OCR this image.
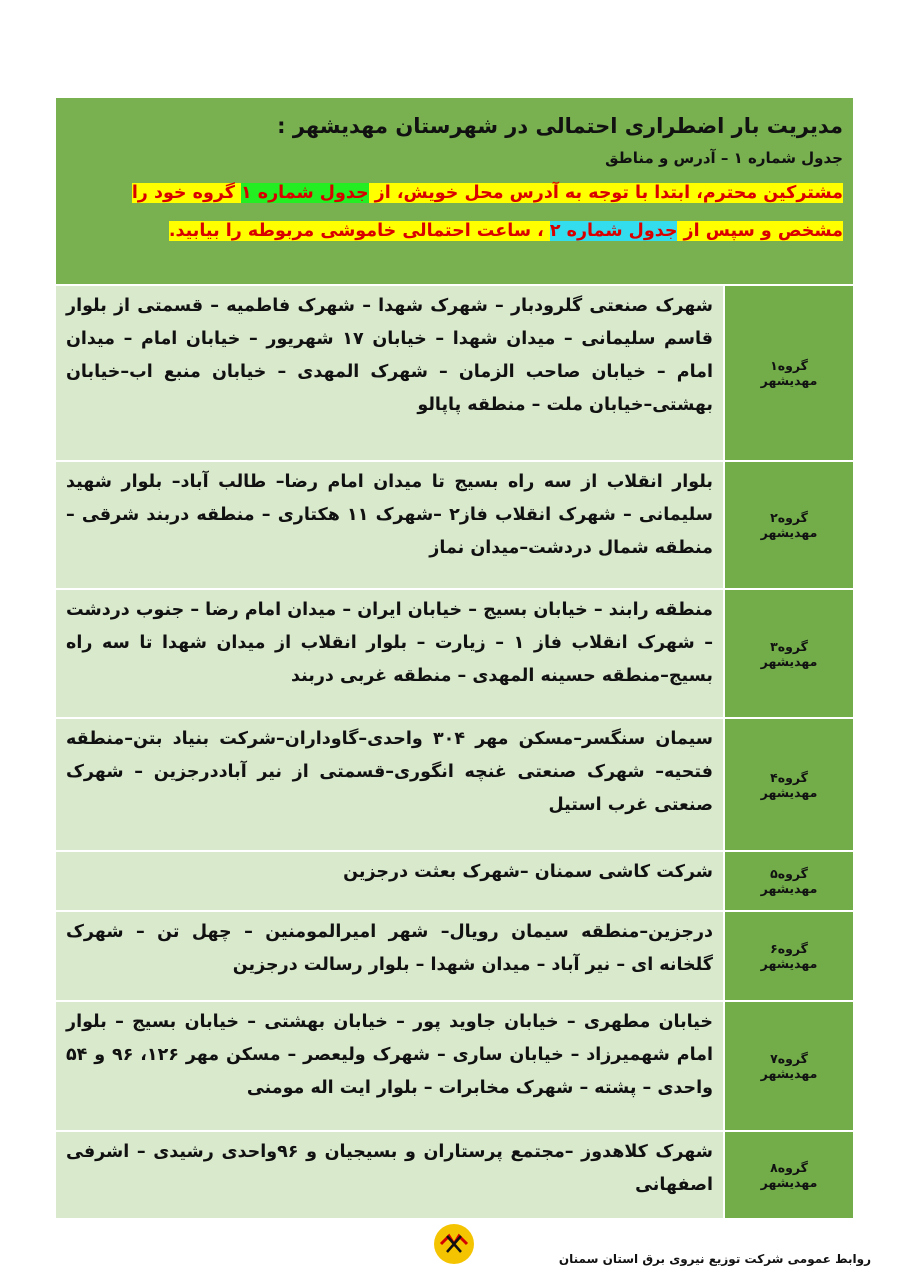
مدیریت بار اضطراری احتمالی در شهرستان مهدیشهر :
جدول شماره ۱ – آدرس و مناطق
مشترکین محترم، ابتدا با توجه به آدرس محل خویش، از جدول شماره ۱ گروه خود را مشخص و سپس از جدول شماره ۲ ، ساعت احتمالی خاموشی مربوطه را بیابید.
گروه۱
مهدیشهر
شهرک صنعتی گلرودبار – شهرک شهدا – شهرک فاطمیه – قسمتی از بلوار قاسم سلیمانی – میدان شهدا – خیابان ۱۷ شهریور – خیابان امام – میدان امام – خیابان صاحب الزمان – شهرک المهدی – خیابان منبع اب–خیابان بهشتی–خیابان ملت – منطقه پاپالو
گروه۲
مهدیشهر
بلوار انقلاب از سه راه بسیج تا میدان امام رضا– طالب آباد– بلوار شهید سلیمانی – شهرک انقلاب فاز۲ –شهرک ۱۱ هکتاری – منطقه دربند شرقی – منطقه شمال دردشت–میدان نماز
گروه۳
مهدیشهر
منطقه رابند – خیابان بسیج – خیابان ایران – میدان امام رضا – جنوب دردشت – شهرک انقلاب فاز ۱ – زیارت – بلوار انقلاب از میدان شهدا تا سه راه بسیج–منطقه حسینه المهدی – منطقه غربی دربند
گروه۴
مهدیشهر
سیمان سنگسر–مسکن مهر ۳۰۴ واحدی–گاوداران–شرکت بنیاد بتن–منطقه فتحیه– شهرک صنعتی غنچه انگوری–قسمتی از نیر آباددرجزین – شهرک صنعتی غرب استیل
گروه۵
مهدیشهر
شرکت کاشی سمنان –شهرک بعثت درجزین
گروه۶
مهدیشهر
درجزین–منطقه سیمان رویال– شهر امیرالمومنین – چهل تن – شهرک گلخانه ای – نیر آباد – میدان شهدا – بلوار رسالت درجزین
گروه۷
مهدیشهر
خیابان مطهری – خیابان جاوید پور – خیابان بهشتی – خیابان بسیج – بلوار امام شهمیرزاد – خیابان ساری – شهرک ولیعصر – مسکن مهر ۱۲۶، ۹۶ و ۵۴ واحدی – پشته – شهرک مخابرات – بلوار ایت اله مومنی
گروه۸
مهدیشهر
شهرک کلاهدوز –مجتمع پرستاران و بسیجیان و ۹۶واحدی رشیدی – اشرفی اصفهانی
روابط عمومی شرکت توزیع نیروی برق استان سمنان
